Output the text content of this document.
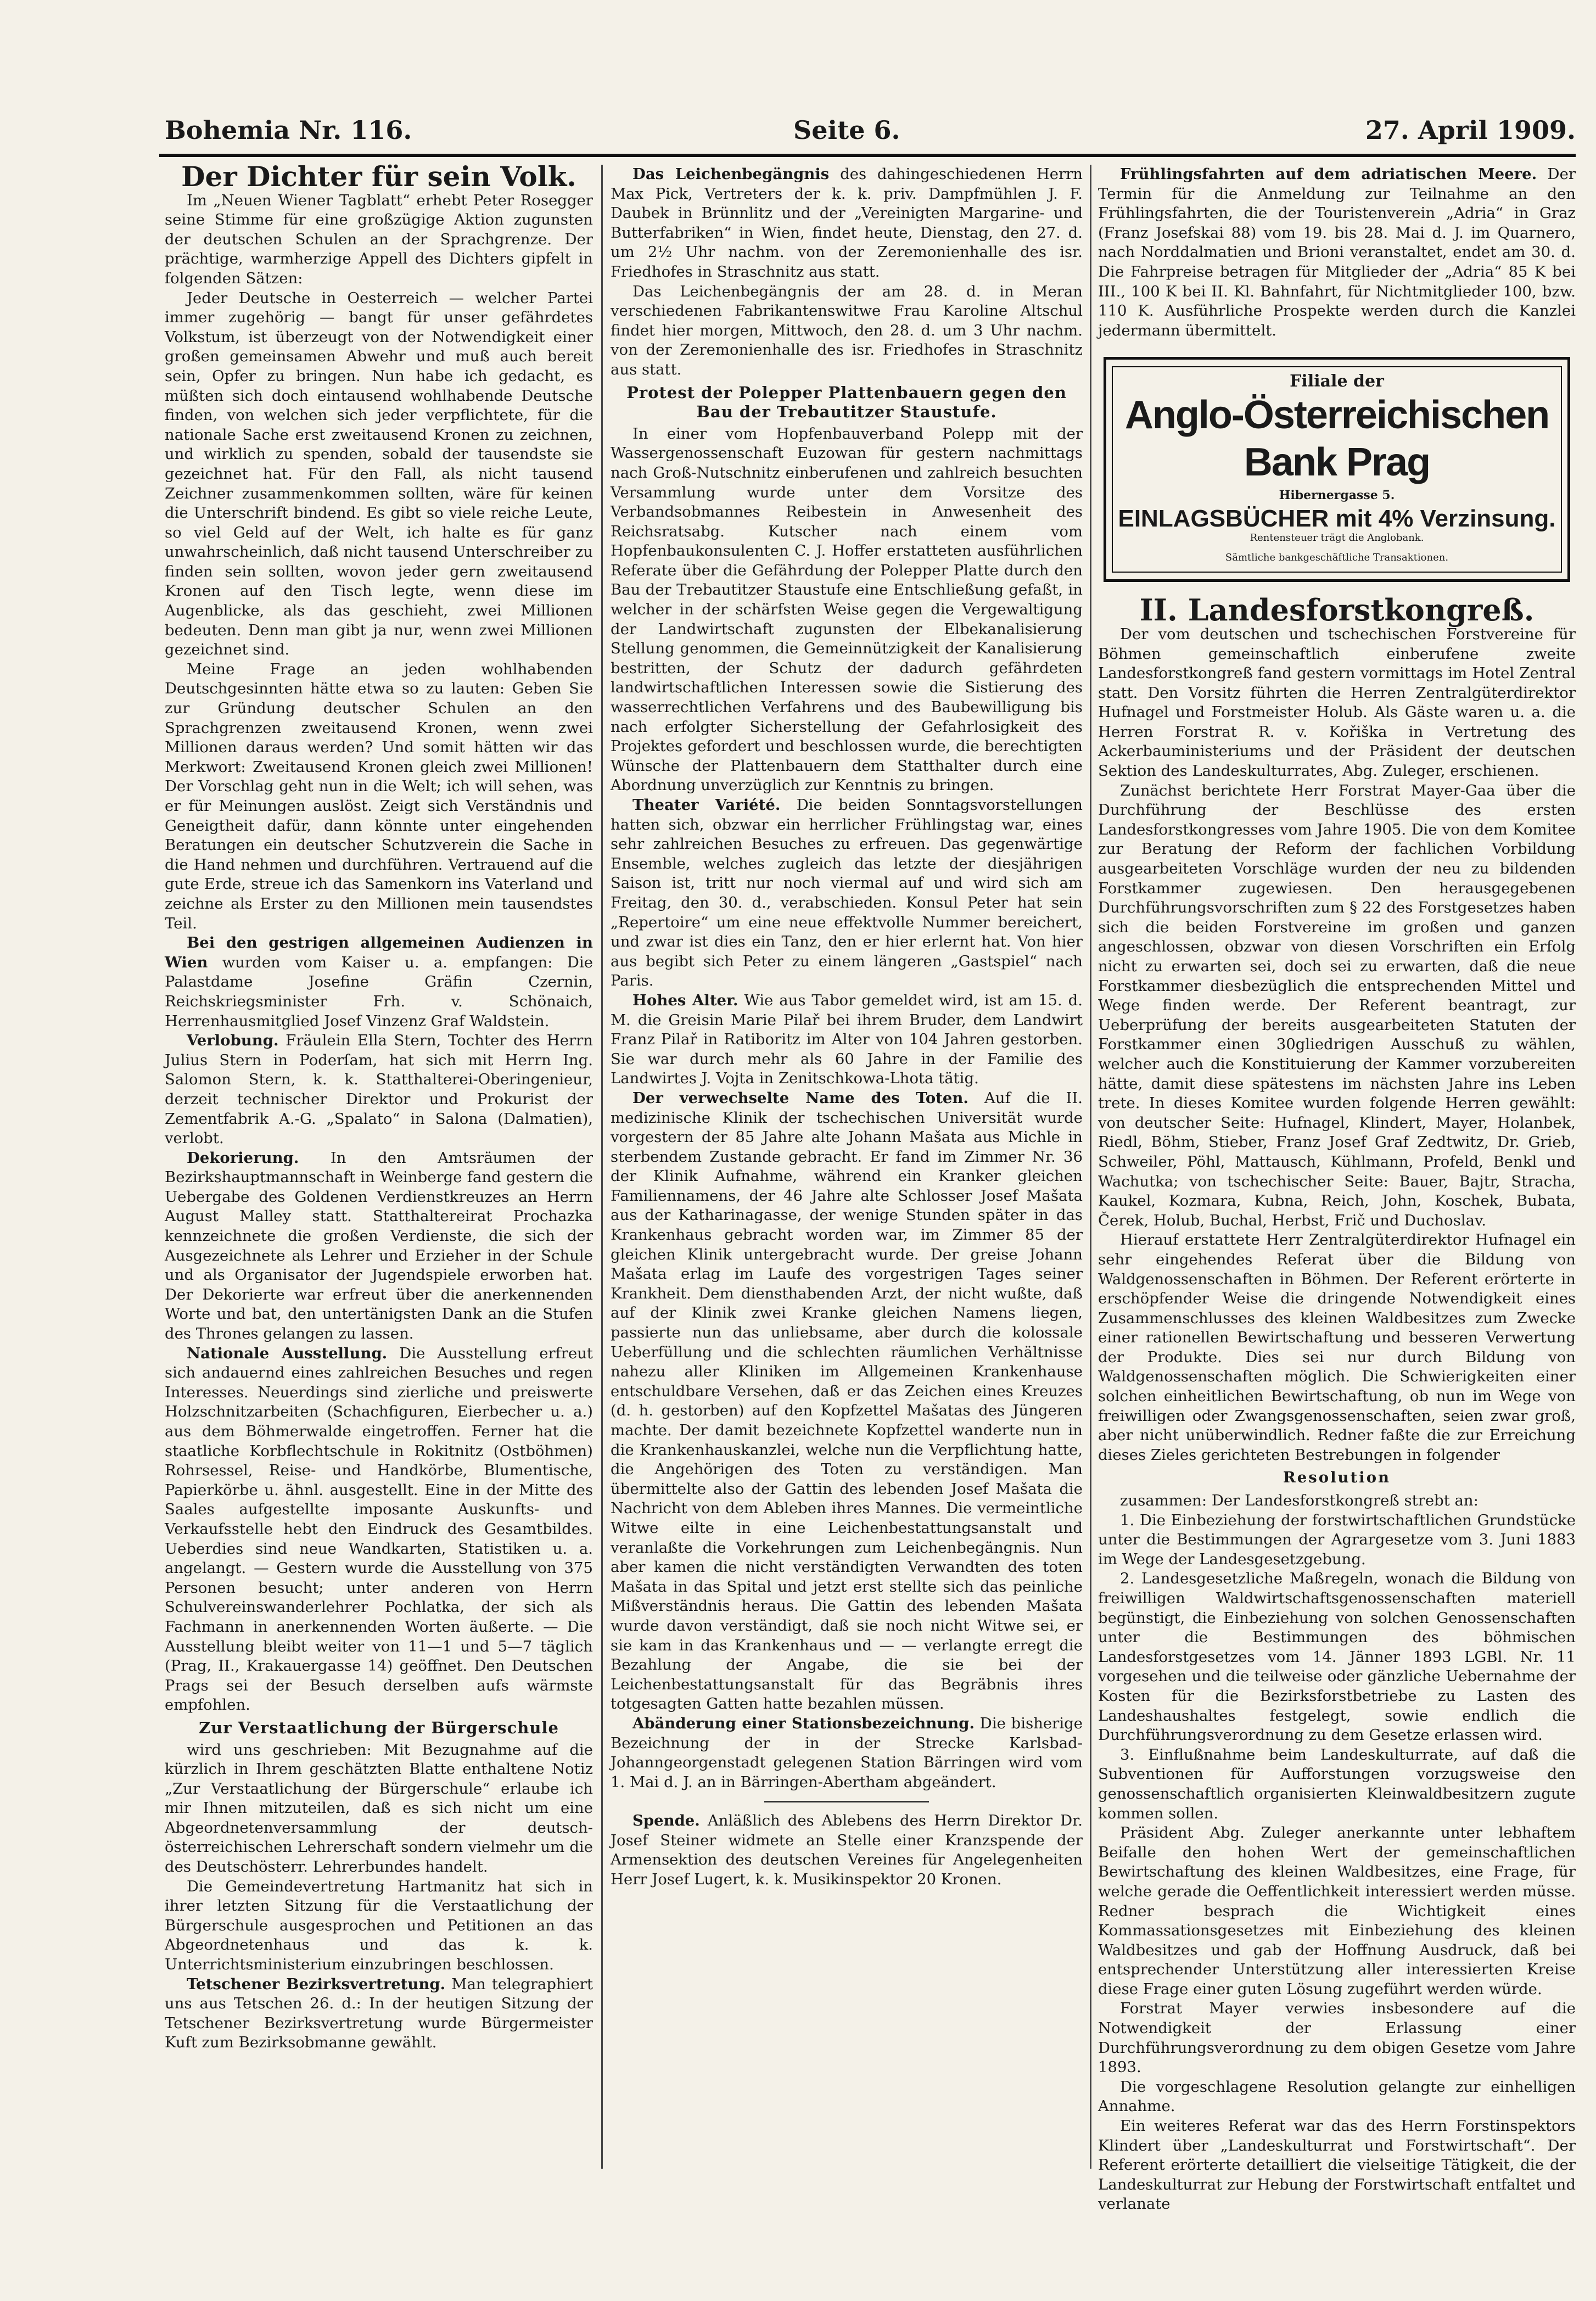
Bohemia Nr. 116.	Seite 6.	27. April 1909.
Der Dichter für sein Volk.

Im „Neuen Wiener Tagblatt“ erhebt Peter Rosegger seine Stimme für eine großzügige Aktion zugunsten der deutschen Schulen an der Sprachgrenze. Der prächtige, warmherzige Appell des Dichters gipfelt in folgenden Sätzen:

Jeder Deutsche in Oesterreich — welcher Partei immer zugehörig — bangt für unser gefährdetes Volkstum, ist überzeugt von der Notwendigkeit einer großen gemeinsamen Abwehr und muß auch bereit sein, Opfer zu bringen. Nun habe ich gedacht, es müßten sich doch eintausend wohlhabende Deutsche finden, von welchen sich jeder verpflichtete, für die nationale Sache erst zweitausend Kronen zu zeichnen, und wirklich zu spenden, sobald der tausendste sie gezeichnet hat. Für den Fall, als nicht tausend Zeichner zusammenkommen sollten, wäre für keinen die Unterschrift bindend. Es gibt so viele reiche Leute, so viel Geld auf der Welt, ich halte es für ganz unwahrscheinlich, daß nicht tausend Unterschreiber zu finden sein sollten, wovon jeder gern zweitausend Kronen auf den Tisch legte, wenn diese im Augenblicke, als das geschieht, zwei Millionen bedeuten. Denn man gibt ja nur, wenn zwei Millionen gezeichnet sind.

Meine Frage an jeden wohlhabenden Deutschgesinnten hätte etwa so zu lauten: Geben Sie zur Gründung deutscher Schulen an den Sprachgrenzen zweitausend Kronen, wenn zwei Millionen daraus werden? Und somit hätten wir das Merkwort: Zweitausend Kronen gleich zwei Millionen! Der Vorschlag geht nun in die Welt; ich will sehen, was er für Meinungen auslöst. Zeigt sich Verständnis und Geneigtheit dafür, dann könnte unter eingehenden Beratungen ein deutscher Schutzverein die Sache in die Hand nehmen und durchführen. Vertrauend auf die gute Erde, streue ich das Samenkorn ins Vaterland und zeichne als Erster zu den Millionen mein tausendstes Teil.

Bei den gestrigen allgemeinen Audienzen in Wien wurden vom Kaiser u. a. empfangen: Die Palastdame Josefine Gräfin Czernin, Reichskriegsminister Frh. v. Schönaich, Herrenhausmitglied Josef Vinzenz Graf Waldstein.

Verlobung. Fräulein Ella Stern, Tochter des Herrn Julius Stern in Poderſam, hat sich mit Herrn Ing. Salomon Stern, k. k. Statthalterei-Oberingenieur, derzeit technischer Direktor und Prokurist der Zementfabrik A.-G. „Spalato“ in Salona (Dalmatien), verlobt.

Dekorierung. In den Amtsräumen der Bezirkshauptmannschaft in Weinberge fand gestern die Uebergabe des Goldenen Verdienstkreuzes an Herrn August Malley statt. Statthaltereirat Prochazka kennzeichnete die großen Verdienste, die sich der Ausgezeichnete als Lehrer und Erzieher in der Schule und als Organisator der Jugendspiele erworben hat. Der Dekorierte war erfreut über die anerkennenden Worte und bat, den untertänigsten Dank an die Stufen des Thrones gelangen zu lassen.

Nationale Ausstellung. Die Ausstellung erfreut sich andauernd eines zahlreichen Besuches und regen Interesses. Neuerdings sind zierliche und preiswerte Holzschnitzarbeiten (Schachfiguren, Eierbecher u. a.) aus dem Böhmerwalde eingetroffen. Ferner hat die staatliche Korbflechtschule in Rokitnitz (Ostböhmen) Rohrsessel, Reise- und Handkörbe, Blumentische, Papierkörbe u. ähnl. ausgestellt. Eine in der Mitte des Saales aufgestellte imposante Auskunfts- und Verkaufsstelle hebt den Eindruck des Gesamtbildes. Ueberdies sind neue Wandkarten, Statistiken u. a. angelangt. — Gestern wurde die Ausstellung von 375 Personen besucht; unter anderen von Herrn Schulvereinswanderlehrer Pochlatka, der sich als Fachmann in anerkennenden Worten äußerte. — Die Ausstellung bleibt weiter von 11—1 und 5—7 täglich (Prag, II., Krakauergasse 14) geöffnet. Den Deutschen Prags sei der Besuch derselben aufs wärmste empfohlen.

Zur Verstaatlichung der Bürgerschule

wird uns geschrieben: Mit Bezugnahme auf die kürzlich in Ihrem geschätzten Blatte enthaltene Notiz „Zur Verstaatlichung der Bürgerschule“ erlaube ich mir Ihnen mitzuteilen, daß es sich nicht um eine Abgeordnetenversammlung der deutsch-österreichischen Lehrerschaft sondern vielmehr um die des Deutschösterr. Lehrerbundes handelt.

Die Gemeindevertretung Hartmanitz hat sich in ihrer letzten Sitzung für die Verstaatlichung der Bürgerschule ausgesprochen und Petitionen an das Abgeordnetenhaus und das k. k. Unterrichtsministerium einzubringen beschlossen.

Tetschener Bezirksvertretung. Man telegraphiert uns aus Tetschen 26. d.: In der heutigen Sitzung der Tetschener Bezirksvertretung wurde Bürgermeister Kuft zum Bezirksobmanne gewählt.

Das Leichenbegängnis des dahingeschiedenen Herrn Max Pick, Vertreters der k. k. priv. Dampfmühlen J. F. Daubek in Brünnlitz und der „Vereinigten Margarine- und Butterfabriken“ in Wien, findet heute, Dienstag, den 27. d. um 2½ Uhr nachm. von der Zeremonienhalle des isr. Friedhofes in Straschnitz aus statt.

Das Leichenbegängnis der am 28. d. in Meran verschiedenen Fabrikantenswitwe Frau Karoline Altschul findet hier morgen, Mittwoch, den 28. d. um 3 Uhr nachm. von der Zeremonienhalle des isr. Friedhofes in Straschnitz aus statt.

Protest der Polepper Plattenbauern gegen den Bau der Trebautitzer Staustufe.

In einer vom Hopfenbauverband Polepp mit der Wassergenossenschaft Euzowan für gestern nachmittags nach Groß-Nutschnitz einberufenen und zahlreich besuchten Versammlung wurde unter dem Vorsitze des Verbandsobmannes Reibestein in Anwesenheit des Reichsratsabg. Kutscher nach einem vom Hopfenbaukonsulenten C. J. Hoffer erstatteten ausführlichen Referate über die Gefährdung der Polepper Platte durch den Bau der Trebautitzer Staustufe eine Entschließung gefaßt, in welcher in der schärfsten Weise gegen die Vergewaltigung der Landwirtschaft zugunsten der Elbekanalisierung Stellung genommen, die Gemeinnützigkeit der Kanalisierung bestritten, der Schutz der dadurch gefährdeten landwirtschaftlichen Interessen sowie die Sistierung des wasserrechtlichen Verfahrens und des Baubewilligung bis nach erfolgter Sicherstellung der Gefahrlosigkeit des Projektes gefordert und beschlossen wurde, die berechtigten Wünsche der Plattenbauern dem Statthalter durch eine Abordnung unverzüglich zur Kenntnis zu bringen.

Theater Variété. Die beiden Sonntagsvorstellungen hatten sich, obzwar ein herrlicher Frühlingstag war, eines sehr zahlreichen Besuches zu erfreuen. Das gegenwärtige Ensemble, welches zugleich das letzte der diesjährigen Saison ist, tritt nur noch viermal auf und wird sich am Freitag, den 30. d., verabschieden. Konsul Peter hat sein „Repertoire“ um eine neue effektvolle Nummer bereichert, und zwar ist dies ein Tanz, den er hier erlernt hat. Von hier aus begibt sich Peter zu einem längeren „Gastspiel“ nach Paris.

Hohes Alter. Wie aus Tabor gemeldet wird, ist am 15. d. M. die Greisin Marie Pilař bei ihrem Bruder, dem Landwirt Franz Pilař in Ratiboritz im Alter von 104 Jahren gestorben. Sie war durch mehr als 60 Jahre in der Familie des Landwirtes J. Vojta in Zenitschkowa-Lhota tätig.

Der verwechselte Name des Toten. Auf die II. medizinische Klinik der tschechischen Universität wurde vorgestern der 85 Jahre alte Johann Mašata aus Michle in sterbendem Zustande gebracht. Er fand im Zimmer Nr. 36 der Klinik Aufnahme, während ein Kranker gleichen Familiennamens, der 46 Jahre alte Schlosser Josef Mašata aus der Katharinagasse, der wenige Stunden später in das Krankenhaus gebracht worden war, im Zimmer 85 der gleichen Klinik untergebracht wurde. Der greise Johann Mašata erlag im Laufe des vorgestrigen Tages seiner Krankheit. Dem diensthabenden Arzt, der nicht wußte, daß auf der Klinik zwei Kranke gleichen Namens liegen, passierte nun das unliebsame, aber durch die kolossale Ueberfüllung und die schlechten räumlichen Verhältnisse nahezu aller Kliniken im Allgemeinen Krankenhause entschuldbare Versehen, daß er das Zeichen eines Kreuzes (d. h. gestorben) auf den Kopfzettel Mašatas des Jüngeren machte. Der damit bezeichnete Kopfzettel wanderte nun in die Krankenhauskanzlei, welche nun die Verpflichtung hatte, die Angehörigen des Toten zu verständigen. Man übermittelte also der Gattin des lebenden Josef Mašata die Nachricht von dem Ableben ihres Mannes. Die vermeintliche Witwe eilte in eine Leichenbestattungsanstalt und veranlaßte die Vorkehrungen zum Leichenbegängnis. Nun aber kamen die nicht verständigten Verwandten des toten Mašata in das Spital und jetzt erst stellte sich das peinliche Mißverständnis heraus. Die Gattin des lebenden Mašata wurde davon verständigt, daß sie noch nicht Witwe sei, er sie kam in das Krankenhaus und — — verlangte erregt die Bezahlung der Angabe, die sie bei der Leichenbestattungsanstalt für das Begräbnis ihres totgesagten Gatten hatte bezahlen müssen.

Abänderung einer Stationsbezeichnung. Die bisherige Bezeichnung der in der Strecke Karlsbad-Johanngeorgenstadt gelegenen Station Bärringen wird vom 1. Mai d. J. an in Bärringen-Abertham abgeändert.

Spende. Anläßlich des Ablebens des Herrn Direktor Dr. Josef Steiner widmete an Stelle einer Kranzspende der Armensektion des deutschen Vereines für Angelegenheiten Herr Josef Lugert, k. k. Musikinspektor 20 Kronen.

Frühlingsfahrten auf dem adriatischen Meere. Der Termin für die Anmeldung zur Teilnahme an den Frühlingsfahrten, die der Touristenverein „Adria“ in Graz (Franz Josefskai 88) vom 19. bis 28. Mai d. J. im Quarnero, nach Norddalmatien und Brioni veranstaltet, endet am 30. d. Die Fahrpreise betragen für Mitglieder der „Adria“ 85 K bei III., 100 K bei II. Kl. Bahnfahrt, für Nichtmitglieder 100, bzw. 110 K. Ausführliche Prospekte werden durch die Kanzlei jedermann übermittelt.

Filiale der
Anglo-Österreichischen Bank Prag
Hibernergasse 5.
EINLAGSBÜCHER mit 4% Verzinsung.
Rentensteuer trägt die Anglobank.
Sämtliche bankgeschäftliche Transaktionen.
II. Landesforstkongreß.

Der vom deutschen und tschechischen Forstvereine für Böhmen gemeinschaftlich einberufene zweite Landesforstkongreß fand gestern vormittags im Hotel Zentral statt. Den Vorsitz führten die Herren Zentralgüterdirektor Hufnagel und Forstmeister Holub. Als Gäste waren u. a. die Herren Forstrat R. v. Kořiška in Vertretung des Ackerbauministeriums und der Präsident der deutschen Sektion des Landeskulturrates, Abg. Zuleger, erschienen.

Zunächst berichtete Herr Forstrat Mayer-Gaa über die Durchführung der Beschlüsse des ersten Landesforstkongresses vom Jahre 1905. Die von dem Komitee zur Beratung der Reform der fachlichen Vorbildung ausgearbeiteten Vorschläge wurden der neu zu bildenden Forstkammer zugewiesen. Den herausgegebenen Durchführungsvorschriften zum § 22 des Forstgesetzes haben sich die beiden Forstvereine im großen und ganzen angeschlossen, obzwar von diesen Vorschriften ein Erfolg nicht zu erwarten sei, doch sei zu erwarten, daß die neue Forstkammer diesbezüglich die entsprechenden Mittel und Wege finden werde. Der Referent beantragt, zur Ueberprüfung der bereits ausgearbeiteten Statuten der Forstkammer einen 30gliedrigen Ausschuß zu wählen, welcher auch die Konstituierung der Kammer vorzubereiten hätte, damit diese spätestens im nächsten Jahre ins Leben trete. In dieses Komitee wurden folgende Herren gewählt: von deutscher Seite: Hufnagel, Klindert, Mayer, Holanbek, Riedl, Böhm, Stieber, Franz Josef Graf Zedtwitz, Dr. Grieb, Schweiler, Pöhl, Mattausch, Kühlmann, Profeld, Benkl und Wachutka; von tschechischer Seite: Bauer, Bajtr, Stracha, Kaukel, Kozmara, Kubna, Reich, John, Koschek, Bubata, Čerek, Holub, Buchal, Herbst, Frič und Duchoslav.

Hierauf erstattete Herr Zentralgüterdirektor Hufnagel ein sehr eingehendes Referat über die Bildung von Waldgenossenschaften in Böhmen. Der Referent erörterte in erschöpfender Weise die dringende Notwendigkeit eines Zusammenschlusses des kleinen Waldbesitzes zum Zwecke einer rationellen Bewirtschaftung und besseren Verwertung der Produkte. Dies sei nur durch Bildung von Waldgenossenschaften möglich. Die Schwierigkeiten einer solchen einheitlichen Bewirtschaftung, ob nun im Wege von freiwilligen oder Zwangsgenossenschaften, seien zwar groß, aber nicht unüberwindlich. Redner faßte die zur Erreichung dieses Zieles gerichteten Bestrebungen in folgender

Resolution

zusammen: Der Landesforstkongreß strebt an:

1. Die Einbeziehung der forstwirtschaftlichen Grundstücke unter die Bestimmungen der Agrargesetze vom 3. Juni 1883 im Wege der Landesgesetzgebung.

2. Landesgesetzliche Maßregeln, wonach die Bildung von freiwilligen Waldwirtschaftsgenossenschaften materiell begünstigt, die Einbeziehung von solchen Genossenschaften unter die Bestimmungen des böhmischen Landesforstgesetzes vom 14. Jänner 1893 LGBl. Nr. 11 vorgesehen und die teilweise oder gänzliche Uebernahme der Kosten für die Bezirksforstbetriebe zu Lasten des Landeshaushaltes festgelegt, sowie endlich die Durchführungsverordnung zu dem Gesetze erlassen wird.

3. Einflußnahme beim Landeskulturrate, auf daß die Subventionen für Aufforstungen vorzugsweise den genossenschaftlich organisierten Kleinwaldbesitzern zugute kommen sollen.

Präsident Abg. Zuleger anerkannte unter lebhaftem Beifalle den hohen Wert der gemeinschaftlichen Bewirtschaftung des kleinen Waldbesitzes, eine Frage, für welche gerade die Oeffentlichkeit interessiert werden müsse. Redner besprach die Wichtigkeit eines Kommassationsgesetzes mit Einbeziehung des kleinen Waldbesitzes und gab der Hoffnung Ausdruck, daß bei entsprechender Unterstützung aller interessierten Kreise diese Frage einer guten Lösung zugeführt werden würde.

Forstrat Mayer verwies insbesondere auf die Notwendigkeit der Erlassung einer Durchführungsverordnung zu dem obigen Gesetze vom Jahre 1893.

Die vorgeschlagene Resolution gelangte zur einhelligen Annahme.

Ein weiteres Referat war das des Herrn Forstinspektors Klindert über „Landeskulturrat und Forstwirtschaft“. Der Referent erörterte detailliert die vielseitige Tätigkeit, die der Landeskulturrat zur Hebung der Forstwirtschaft entfaltet und verlanate
